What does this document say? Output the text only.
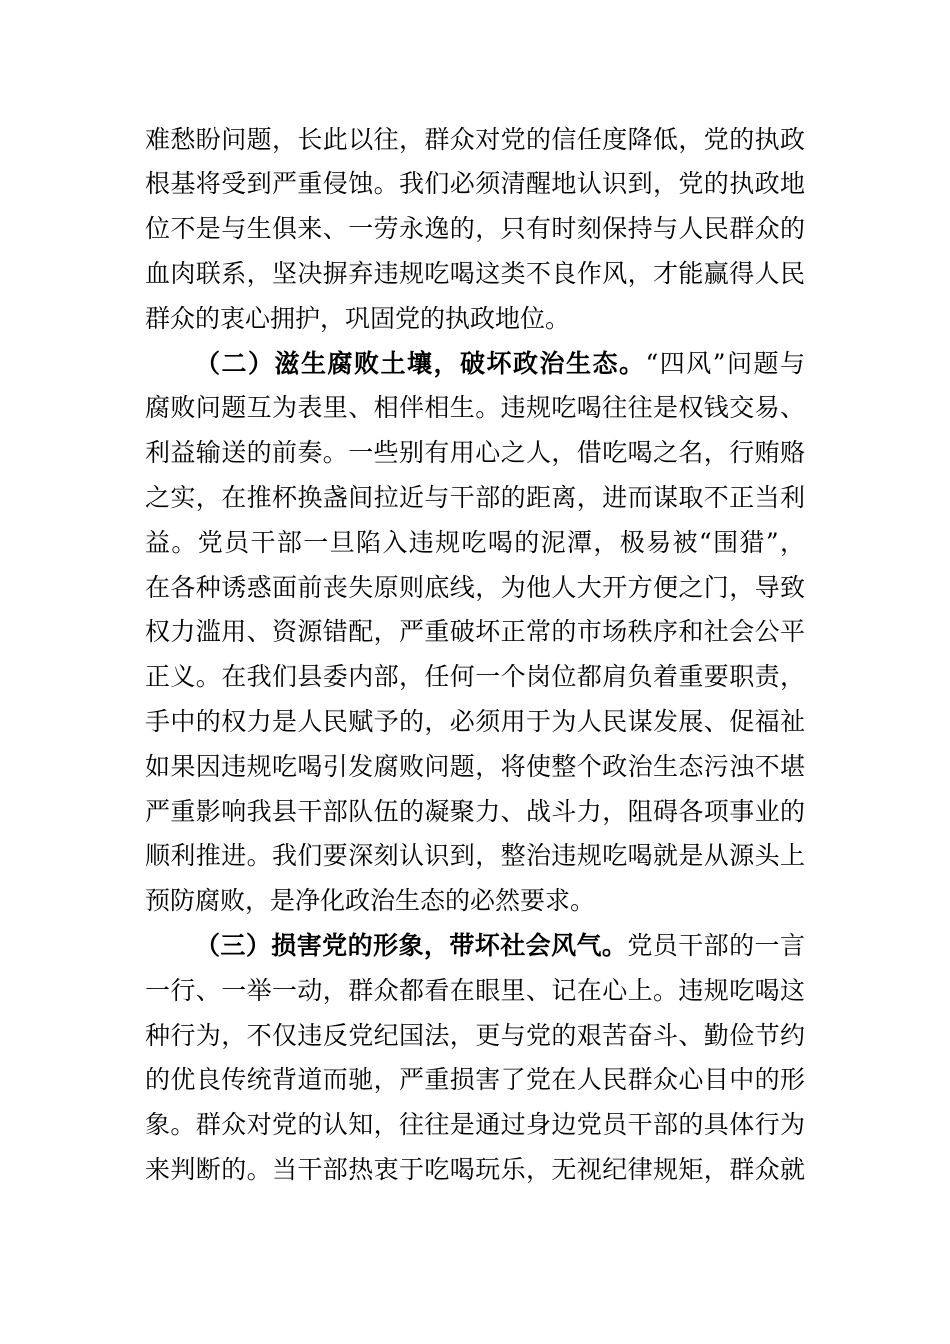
难愁盼问题，长此以往，群众对党的信任度降低，党的执政
根基将受到严重侵蚀。我们必须清醒地认识到，党的执政地
位不是与生俱来、一劳永逸的，只有时刻保持与人民群众的
血肉联系，坚决摒弃违规吃喝这类不良作风，才能赢得人民
群众的衷心拥护，巩固党的执政地位。
（二）滋生腐败土壤，破坏政治生态。“四风”问题与
腐败问题互为表里、相伴相生。违规吃喝往往是权钱交易、
利益输送的前奏。一些别有用心之人，借吃喝之名，行贿赂
之实，在推杯换盏间拉近与干部的距离，进而谋取不正当利
益。党员干部一旦陷入违规吃喝的泥潭，极易被“围猎”，
在各种诱惑面前丧失原则底线，为他人大开方便之门，导致
权力滥用、资源错配，严重破坏正常的市场秩序和社会公平
正义。在我们县委内部，任何一个岗位都肩负着重要职责，
手中的权力是人民赋予的，必须用于为人民谋发展、促福祉
如果因违规吃喝引发腐败问题，将使整个政治生态污浊不堪
严重影响我县干部队伍的凝聚力、战斗力，阻碍各项事业的
顺利推进。我们要深刻认识到，整治违规吃喝就是从源头上
预防腐败，是净化政治生态的必然要求。
（三）损害党的形象，带坏社会风气。党员干部的一言
一行、一举一动，群众都看在眼里、记在心上。违规吃喝这
种行为，不仅违反党纪国法，更与党的艰苦奋斗、勤俭节约
的优良传统背道而驰，严重损害了党在人民群众心目中的形
象。群众对党的认知，往往是通过身边党员干部的具体行为
来判断的。当干部热衷于吃喝玩乐，无视纪律规矩，群众就
